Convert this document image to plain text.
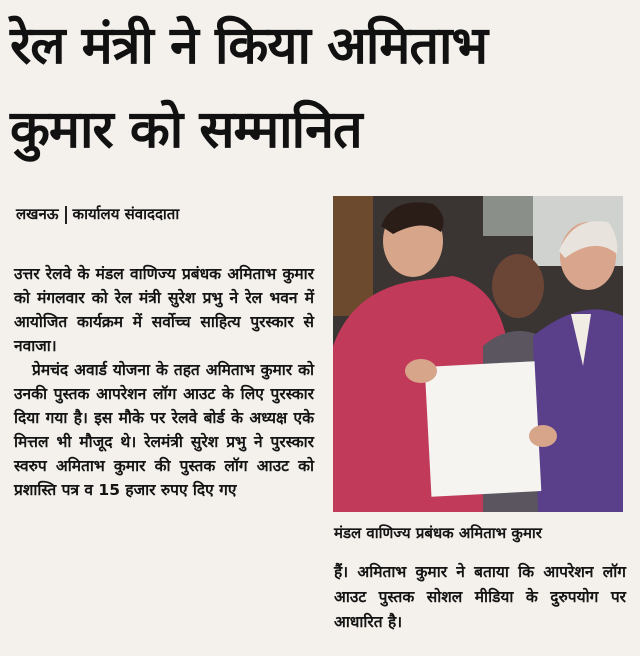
रेल मंत्री ने किया अमिताभ
कुमार को सम्मानित
लखनऊ कार्यालय संवाददाता

उत्तर रेलवे के मंडल वाणिज्य प्रबंधक अमिताभ कुमार को मंगलवार को रेल मंत्री सुरेश प्रभु ने रेल भवन में आयोजित कार्यक्रम में सर्वोच्च साहित्य पुरस्कार से नवाजा।

प्रेमचंद अवार्ड योजना के तहत अमिताभ कुमार को उनकी पुस्तक आपरेशन लॉग आउट के लिए पुरस्कार दिया गया है। इस मौके पर रेलवे बोर्ड के अध्यक्ष एके मित्तल भी मौजूद थे। रेलमंत्री सुरेश प्रभु ने पुरस्कार स्वरुप अमिताभ कुमार की पुस्तक लॉग आउट को प्रशास्ति पत्र व 15 हजार रुपए दिए गए

मंडल वाणिज्य प्रबंधक अमिताभ कुमार
हैं। अमिताभ कुमार ने बताया कि आपरेशन लॉग आउट पुस्तक सोशल मीडिया के दुरुपयोग पर आधारित है।
